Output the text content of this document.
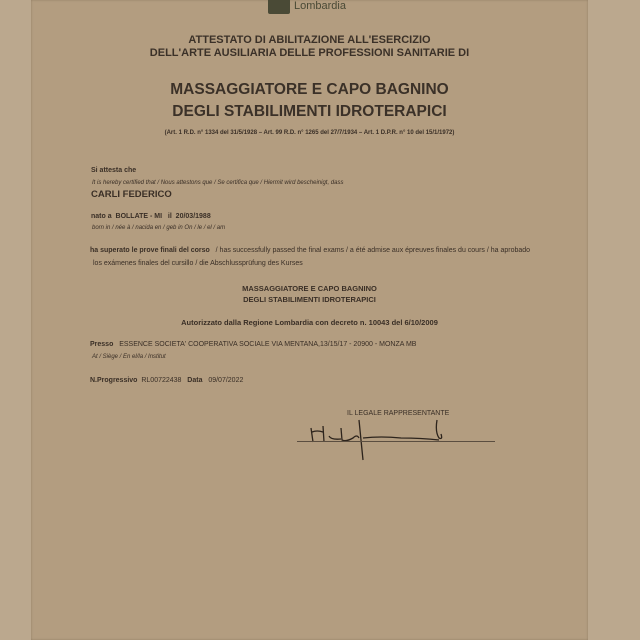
Lombardia
ATTESTATO DI ABILITAZIONE ALL'ESERCIZIO
DELL'ARTE AUSILIARIA DELLE PROFESSIONI SANITARIE DI
MASSAGGIATORE E CAPO BAGNINO
DEGLI STABILIMENTI IDROTERAPICI
(Art. 1 R.D. n° 1334 del 31/5/1928 – Art. 99 R.D. n° 1265 del 27/7/1934 – Art. 1 D.P.R. n° 10 del 15/1/1972)
Si attesta che
It is hereby certified that / Nous attestons que / Se certifica que / Hiermit wird bescheinigt, dass
CARLI FEDERICO
nato a BOLLATE - MI il 20/03/1988
born in / née à / nacida en / geb in On / le / el / am
ha superato le prove finali del corso / has successfully passed the final exams / a été admise aux épreuves finales du cours / ha aprobado
los exámenes finales del cursillo / die Abschlussprüfung des Kurses
MASSAGGIATORE E CAPO BAGNINO
DEGLI STABILIMENTI IDROTERAPICI
Autorizzato dalla Regione Lombardia con decreto n. 10043 del 6/10/2009
Presso ESSENCE SOCIETA' COOPERATIVA SOCIALE VIA MENTANA,13/15/17 - 20900 - MONZA MB
At / Siège / En el/la / Institut
N.Progressivo RL00722438 Data 09/07/2022
IL LEGALE RAPPRESENTANTE
